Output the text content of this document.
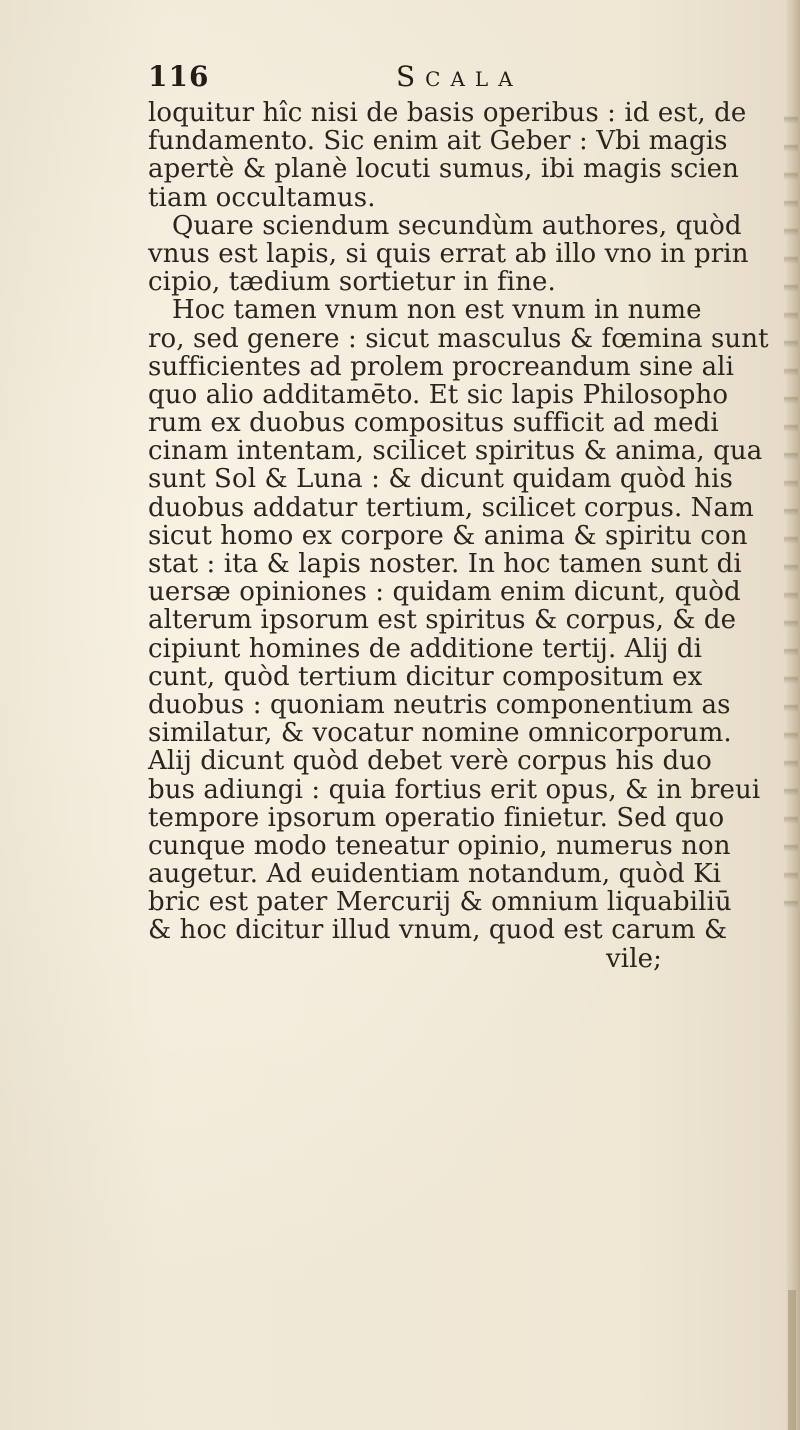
116	Scala
loquitur hîc nisi de basis operibus : id est, de
fundamento. Sic enim ait Geber : Vbi magis
apertè & planè locuti sumus, ibi magis scien
tiam occultamus.
Quare sciendum secundùm authores, quòd
vnus est lapis, si quis errat ab illo vno in prin
cipio, tædium sortietur in fine.
Hoc tamen vnum non est vnum in nume
ro, sed genere : sicut masculus & fœmina sunt
sufficientes ad prolem procreandum sine ali
quo alio additamēto. Et sic lapis Philosopho
rum ex duobus compositus sufficit ad medi
cinam intentam, scilicet spiritus & anima, qua
sunt Sol & Luna : & dicunt quidam quòd his
duobus addatur tertium, scilicet corpus. Nam
sicut homo ex corpore & anima & spiritu con
stat : ita & lapis noster. In hoc tamen sunt di
uersæ opiniones : quidam enim dicunt, quòd
alterum ipsorum est spiritus & corpus, & de
cipiunt homines de additione tertij. Alij di
cunt, quòd tertium dicitur compositum ex
duobus : quoniam neutris componentium as
similatur, & vocatur nomine omnicorporum.
Alij dicunt quòd debet verè corpus his duo
bus adiungi : quia fortius erit opus, & in breui
tempore ipsorum operatio finietur. Sed quo
cunque modo teneatur opinio, numerus non
augetur. Ad euidentiam notandum, quòd Ki
bric est pater Mercurij & omnium liquabiliū
& hoc dicitur illud vnum, quod est carum &
vile;
